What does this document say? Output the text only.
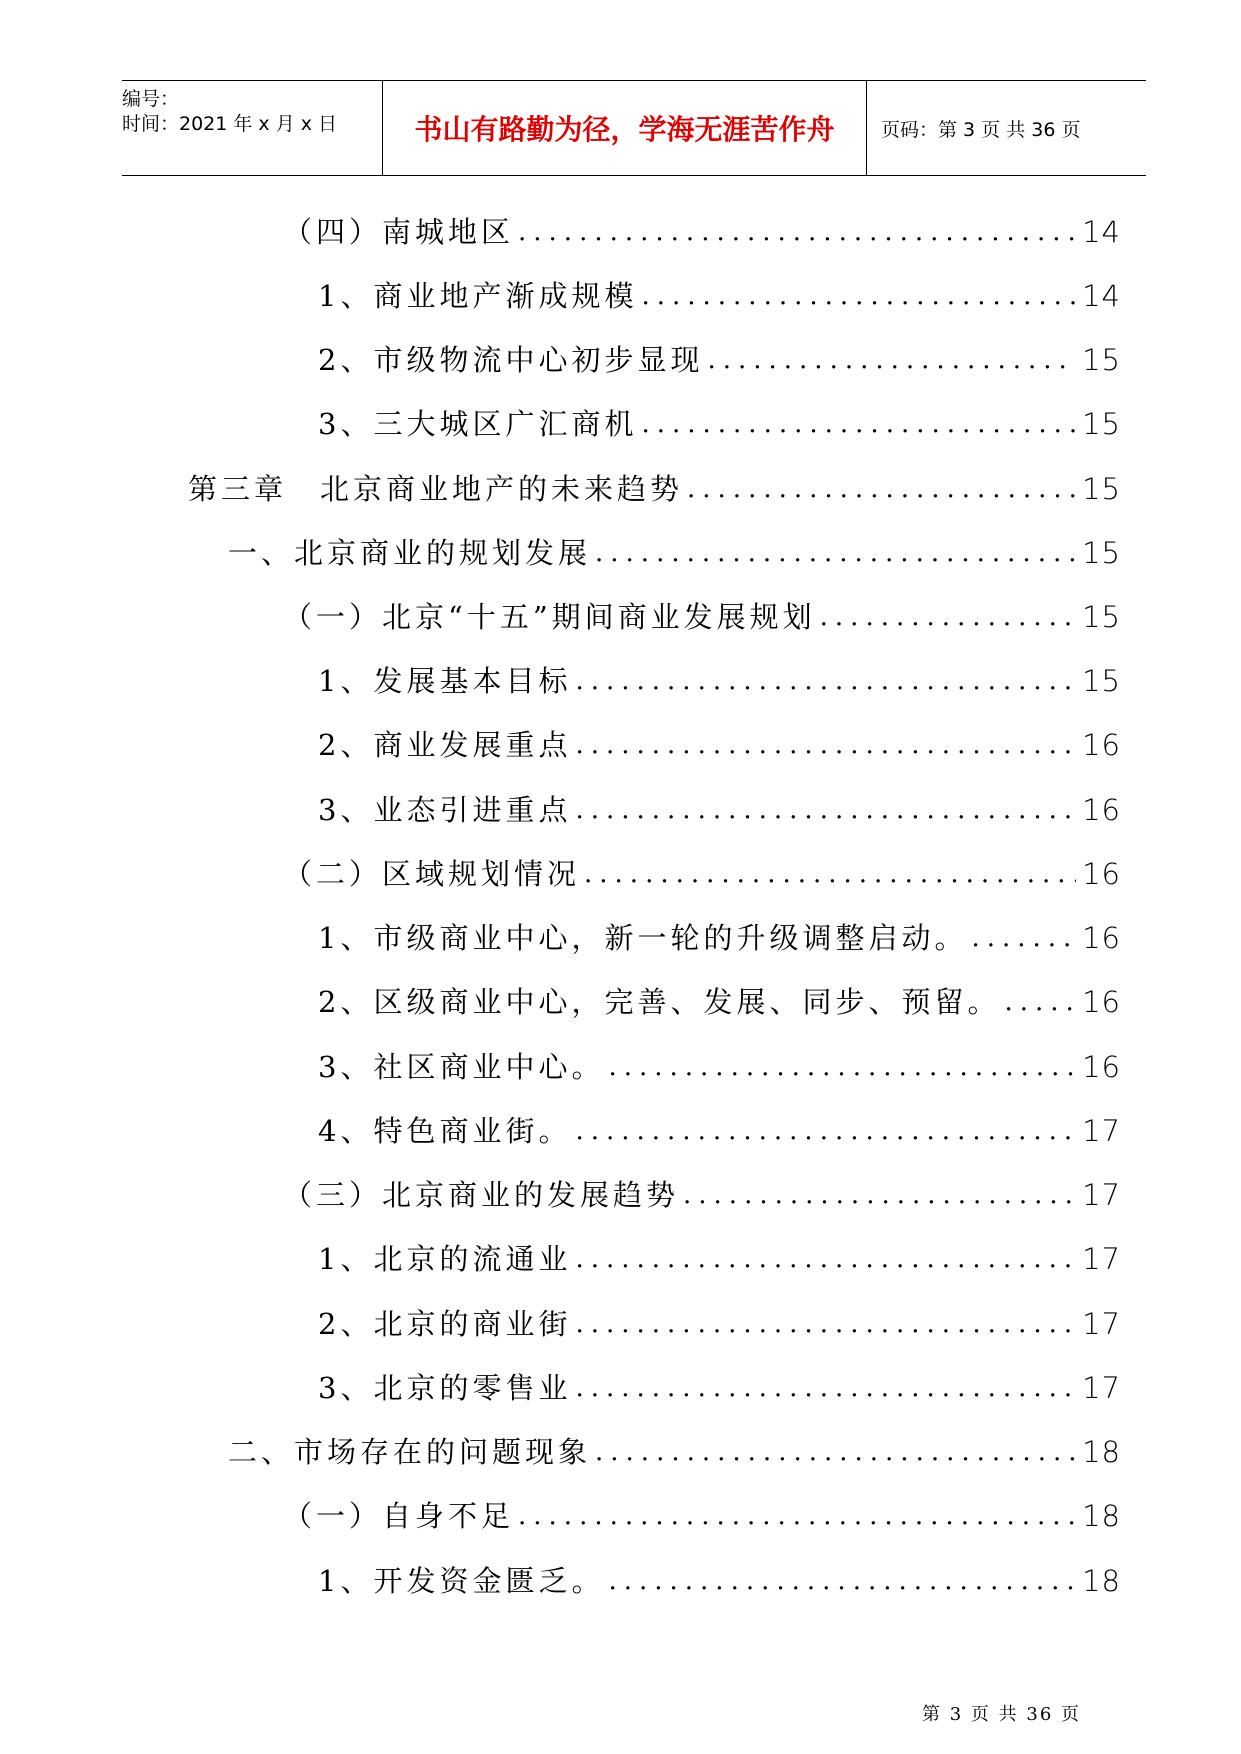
编号：
时间：2021 年 x 月 x 日	书山有路勤为径，学海无涯苦作舟	页码：第 3 页 共 36 页
（四）南城地区 .....	14
1、商业地产渐成规模 .....	14
2、市级物流中心初步显现 .....	15
3、三大城区广汇商机 .....	15
第三章　北京商业地产的未来趋势 .....	15
一、北京商业的规划发展 .....	15
（一）北京“十五”期间商业发展规划 .....	15
1、发展基本目标 .....	15
2、商业发展重点 .....	16
3、业态引进重点 .....	16
（二）区域规划情况 .....	16
1、市级商业中心，新一轮的升级调整启动。 .....	16
2、区级商业中心，完善、发展、同步、预留。 .....	16
3、社区商业中心。 .....	16
4、特色商业街。 .....	17
（三）北京商业的发展趋势 .....	17
1、北京的流通业 .....	17
2、北京的商业街 .....	17
3、北京的零售业 .....	17
二、市场存在的问题现象 .....	18
（一）自身不足 .....	18
1、开发资金匮乏。 .....	18
第 3 页 共 36 页
